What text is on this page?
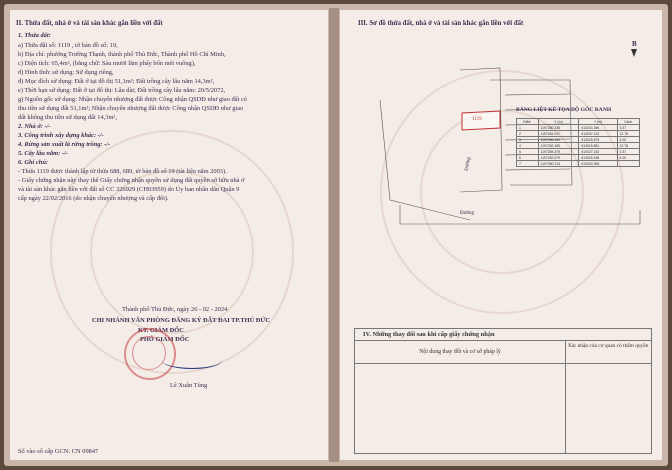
II. Thửa đất, nhà ở và tài sản khác gắn liền với đất
1. Thửa đất:
a) Thửa đất số: 1119 , tờ bản đồ số: 19,
b) Địa chỉ: phường Trường Thạnh, thành phố Thủ Đức, Thành phố Hồ Chí Minh,
c) Diện tích: 65,4m², (bằng chữ: Sáu mươi lăm phẩy bốn mét vuông),
d) Hình thức sử dụng: Sử dụng riêng,
đ) Mục đích sử dụng: Đất ở tại đô thị 51,1m²; Đất trồng cây lâu năm 14,3m²,
e) Thời hạn sử dụng: Đất ở tại đô thị: Lâu dài; Đất trồng cây lâu năm: 20/5/2072,
g) Nguồn gốc sử dụng: Nhận chuyển nhượng đất được Công nhận QSDĐ như giao đất có
thu tiền sử dụng đất 51,1m²; Nhận chuyển nhượng đất được Công nhận QSDĐ như giao
đất không thu tiền sử dụng đất 14,3m²,
2. Nhà ở: -/-
3. Công trình xây dựng khác: -/-
4. Rừng sản xuất là rừng trồng: -/-
5. Cây lâu năm: -/-
6. Ghi chú:
- Thửa 1119 được thành lập từ thửa 688, 689, tờ bản đồ số 19 (tài liệu năm 2003).
- Giấy chứng nhận này thay thế Giấy chứng nhận quyền sử dụng đất quyền sở hữu nhà ở
và tài sản khác gắn liền với đất số CC 326929 (CH03959) do Ủy ban nhân dân Quận 9
cấp ngày 22/02/2016 (do nhận chuyển nhượng và cấp đổi).
Thành phố Thủ Đức, ngày 26 - 02 - 2024
CHI NHÁNH VĂN PHÒNG ĐĂNG KÝ ĐẤT ĐAI TP.THỦ ĐỨC
KT. GIÁM ĐỐC
PHÓ GIÁM ĐỐC
Lê Xuân Tùng
Số vào sổ cấp GCN: CN 09847
III. Sơ đồ thửa đất, nhà ở và tài sản khác gắn liền với đất
B
1119
Đường
Đường
BẢNG LIỆT KÊ TỌA ĐỘ GÓC RANH
Điểm	X (m)	Y (m)	Cạnh
1	1197280.338	613034.396	3.37
2	1197284.017	613037.132	12.78
3	1197286.130	613025.579	4.00
4	1197282.185	613015.881	12.78
5	1197285.379	613027.232	3.37
6	1197282.579	613025.498	4.00
7	1197280.213	613034.396	
IV. Những thay đổi sau khi cấp giấy chứng nhận
Nội dung thay đổi và cơ sở pháp lý
Xác nhận của cơ quan có thẩm quyền
